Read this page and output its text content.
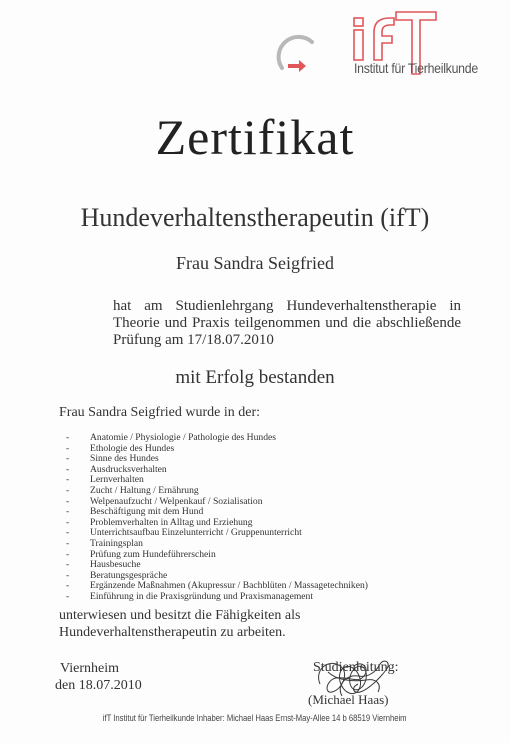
Institut für Tierheilkunde
Zertifikat
Hundeverhaltenstherapeutin (ifT)
Frau Sandra Seigfried
hat am Studienlehrgang Hundeverhaltenstherapie in Theorie und Praxis teilgenommen und die abschließende Prüfung am 17/18.07.2010
mit Erfolg bestanden
Frau Sandra Seigfried wurde in der:
- Anatomie / Physiologie / Pathologie des Hundes
- Ethologie des Hundes
- Sinne des Hundes
- Ausdrucksverhalten
- Lernverhalten
- Zucht / Haltung / Ernährung
- Welpenaufzucht / Welpenkauf / Sozialisation
- Beschäftigung mit dem Hund
- Problemverhalten in Alltag und Erziehung
- Unterrichtsaufbau Einzelunterricht / Gruppenunterricht
- Trainingsplan
- Prüfung zum Hundeführerschein
- Hausbesuche
- Beratungsgespräche
- Ergänzende Maßnahmen (Akupressur / Bachblüten / Massagetechniken)
- Einführung in die Praxisgründung und Praxismanagement
unterwiesen und besitzt die Fähigkeiten als
Hundeverhaltenstherapeutin zu arbeiten.
Viernheim
den 18.07.2010
Studienleitung:
(Michael Haas)
ifT Institut für Tierheilkunde Inhaber: Michael Haas Ernst-May-Allee 14 b 68519 Viernheim
